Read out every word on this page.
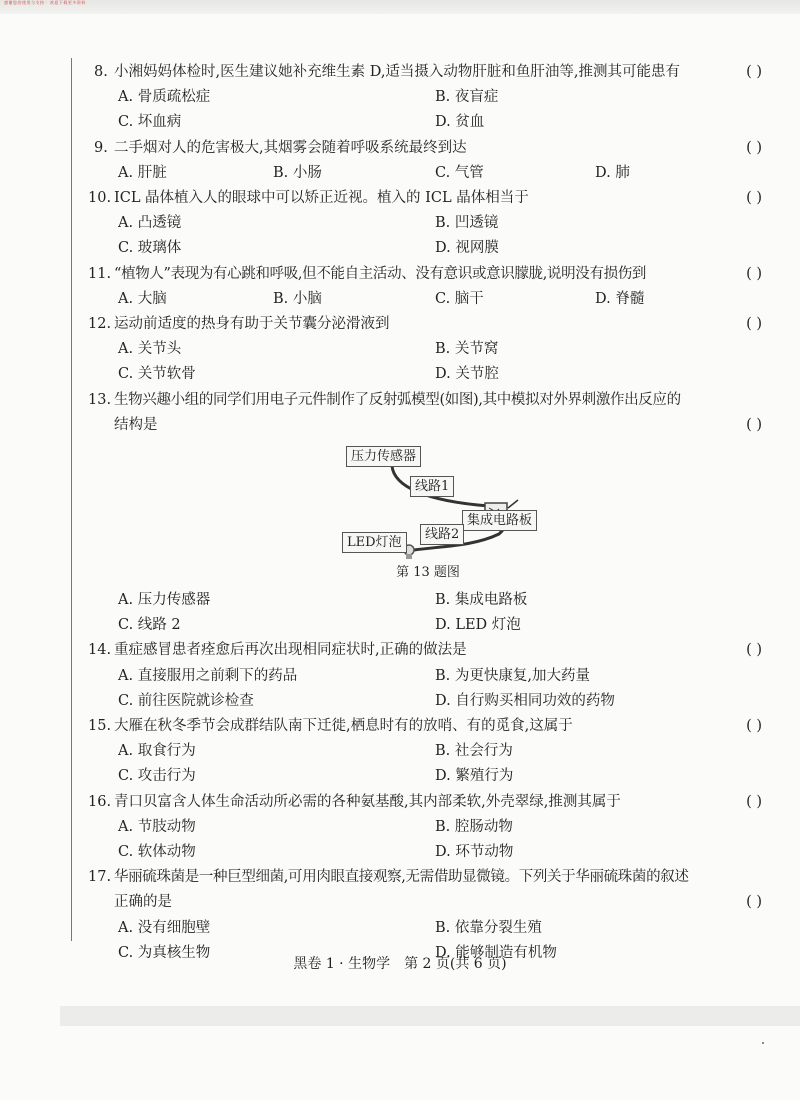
感谢您的使用与支持 · 欢迎下载更多资料
8. 小湘妈妈体检时,医生建议她补充维生素 D,适当摄入动物肝脏和鱼肝油等,推测其可能患有	( )
A. 骨质疏松症	B. 夜盲症
C. 坏血病	D. 贫血
9. 二手烟对人的危害极大,其烟雾会随着呼吸系统最终到达	( )
A. 肝脏	B. 小肠	C. 气管	D. 肺
10. ICL 晶体植入人的眼球中可以矫正近视。植入的 ICL 晶体相当于	( )
A. 凸透镜	B. 凹透镜
C. 玻璃体	D. 视网膜
11. “植物人”表现为有心跳和呼吸,但不能自主活动、没有意识或意识朦胧,说明没有损伤到	( )
A. 大脑	B. 小脑	C. 脑干	D. 脊髓
12. 运动前适度的热身有助于关节囊分泌滑液到	( )
A. 关节头	B. 关节窝
C. 关节软骨	D. 关节腔
13. 生物兴趣小组的同学们用电子元件制作了反射弧模型(如图),其中模拟对外界刺激作出反应的
结构是	( )
压力传感器
线路1
集成电路板
LED灯泡
线路2
第 13 题图
A. 压力传感器	B. 集成电路板
C. 线路 2	D. LED 灯泡
14. 重症感冒患者痊愈后再次出现相同症状时,正确的做法是	( )
A. 直接服用之前剩下的药品	B. 为更快康复,加大药量
C. 前往医院就诊检查	D. 自行购买相同功效的药物
15. 大雁在秋冬季节会成群结队南下迁徙,栖息时有的放哨、有的觅食,这属于	( )
A. 取食行为	B. 社会行为
C. 攻击行为	D. 繁殖行为
16. 青口贝富含人体生命活动所必需的各种氨基酸,其内部柔软,外壳翠绿,推测其属于	( )
A. 节肢动物	B. 腔肠动物
C. 软体动物	D. 环节动物
17. 华丽硫珠菌是一种巨型细菌,可用肉眼直接观察,无需借助显微镜。下列关于华丽硫珠菌的叙述
正确的是	( )
A. 没有细胞壁	B. 依靠分裂生殖
C. 为真核生物	D. 能够制造有机物
黑卷 1 · 生物学　第 2 页(共 6 页)
